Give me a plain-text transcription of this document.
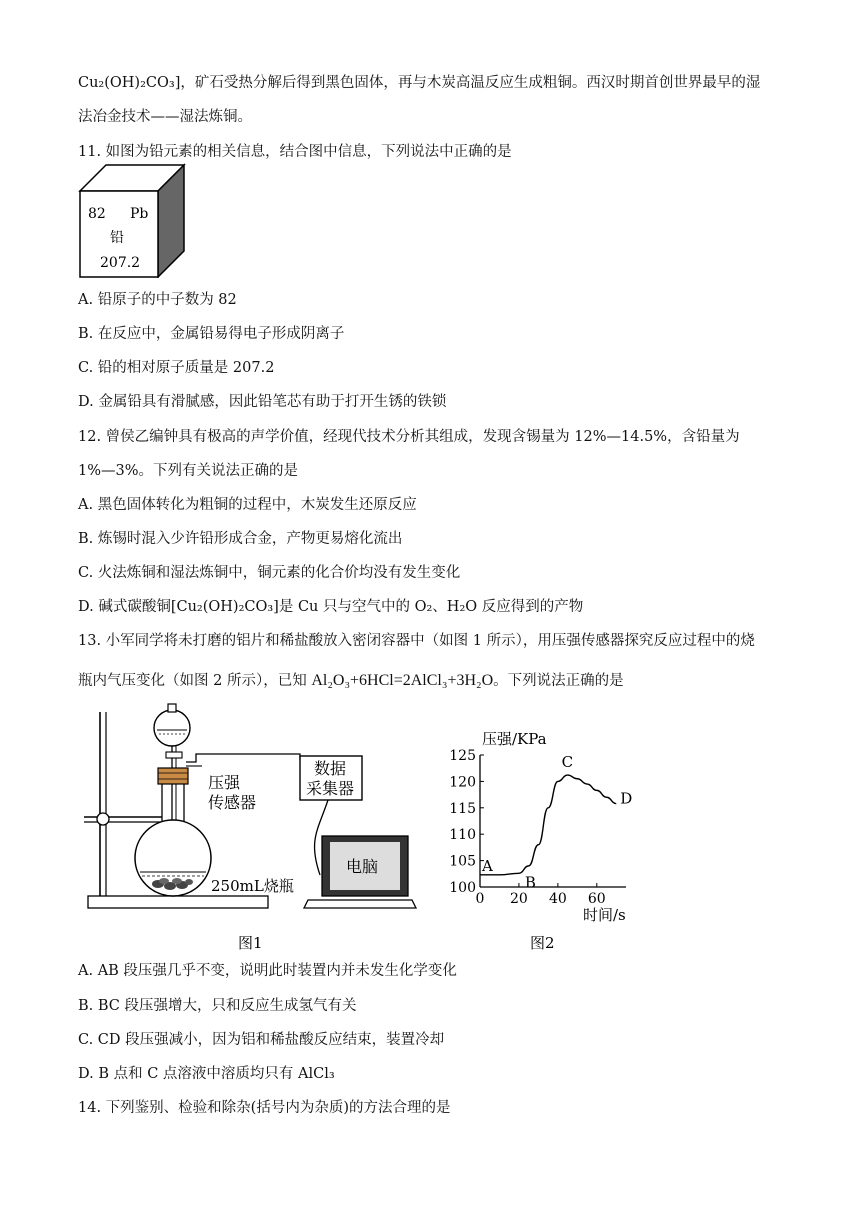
Cu₂(OH)₂CO₃]，矿石受热分解后得到黑色固体，再与木炭高温反应生成粗铜。西汉时期首创世界最早的湿
法冶金技术——湿法炼铜。
11. 如图为铅元素的相关信息，结合图中信息，下列说法中正确的是
82 Pb
铅
207.2
A. 铅原子的中子数为 82
B. 在反应中，金属铅易得电子形成阴离子
C. 铅的相对原子质量是 207.2
D. 金属铅具有滑腻感，因此铅笔芯有助于打开生锈的铁锁
12. 曾侯乙编钟具有极高的声学价值，经现代技术分析其组成，发现含锡量为 12%—14.5%，含铅量为
1%—3%。下列有关说法正确的是
A. 黑色固体转化为粗铜的过程中，木炭发生还原反应
B. 炼锡时混入少许铅形成合金，产物更易熔化流出
C. 火法炼铜和湿法炼铜中，铜元素的化合价均没有发生变化
D. 碱式碳酸铜[Cu₂(OH)₂CO₃]是 Cu 只与空气中的 O₂、H₂O 反应得到的产物
13. 小军同学将未打磨的铝片和稀盐酸放入密闭容器中（如图 1 所示），用压强传感器探究反应过程中的烧
瓶内气压变化（如图 2 所示），已知 Al₂O₃+6HCl=2AlCl₃+3H₂O。下列说法正确的是
250mL烧瓶
压强
传感器
数据
采集器
电脑
图1
压强/KPa
时间/s
图2
0 20 40 60
100
105
110
115
120
125
A
B
C
D
A. AB 段压强几乎不变，说明此时装置内并未发生化学变化
B. BC 段压强增大，只和反应生成氢气有关
C. CD 段压强减小，因为铝和稀盐酸反应结束，装置冷却
D. B 点和 C 点溶液中溶质均只有 AlCl₃
14. 下列鉴别、检验和除杂(括号内为杂质)的方法合理的是
